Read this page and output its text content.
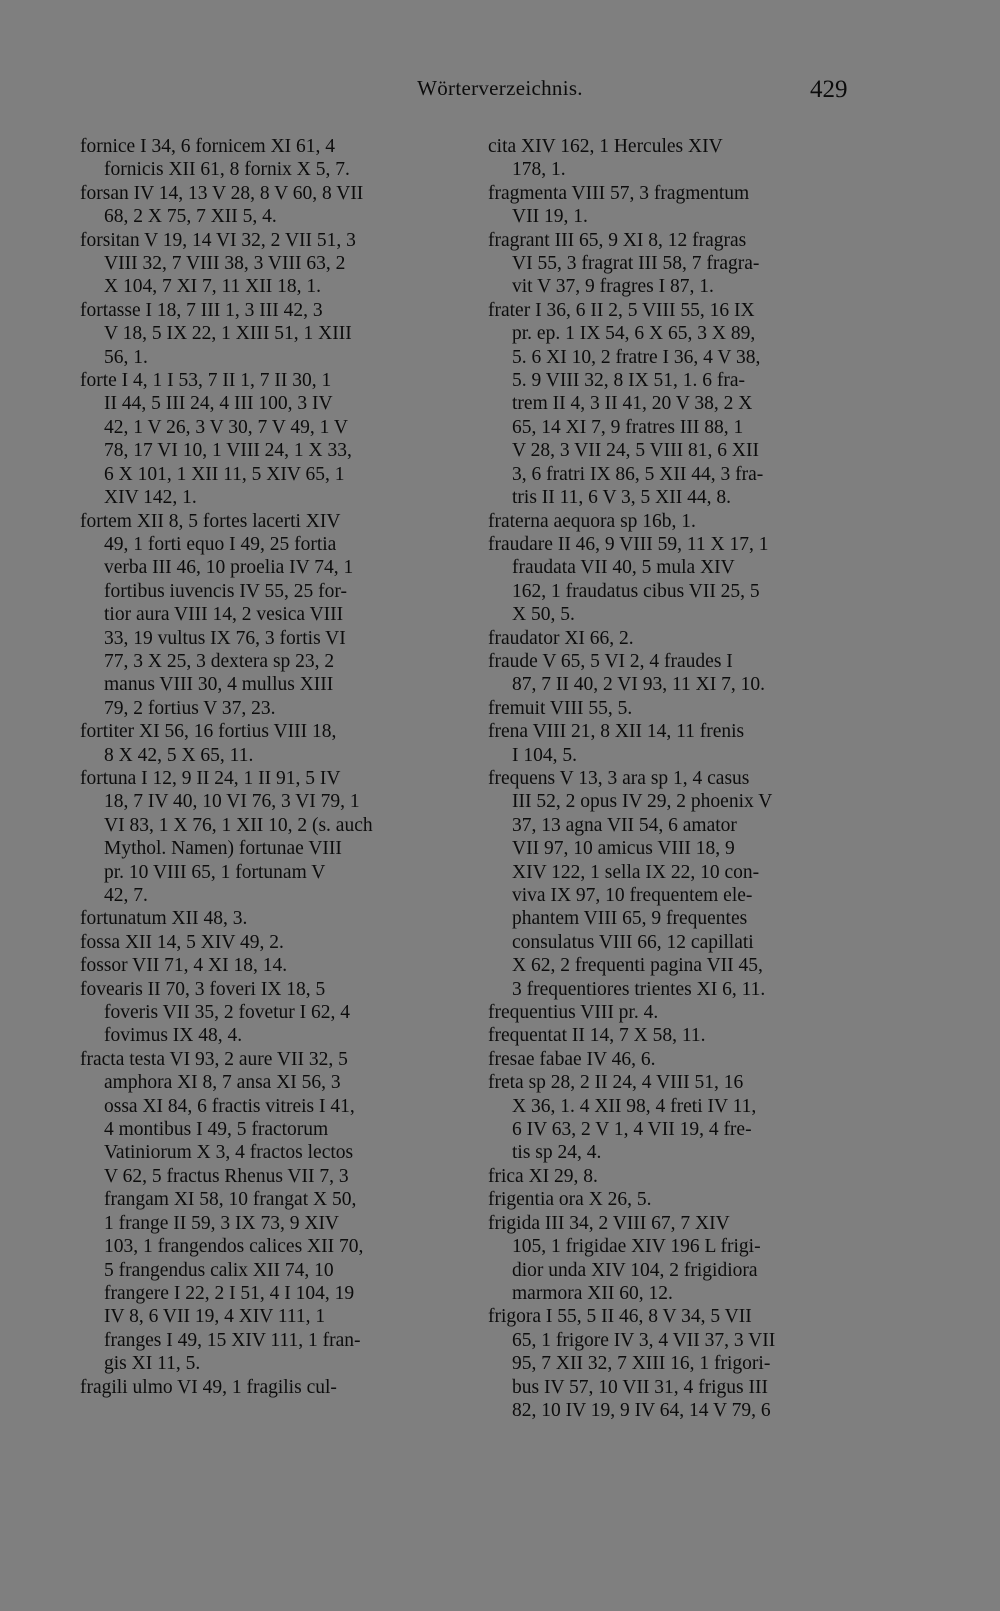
Wörterverzeichnis.	429

fornice I 34, 6 fornicem XI 61, 4
fornicis XII 61, 8 fornix X 5, 7.

forsan IV 14, 13 V 28, 8 V 60, 8 VII
68, 2 X 75, 7 XII 5, 4.

forsitan V 19, 14 VI 32, 2 VII 51, 3
VIII 32, 7 VIII 38, 3 VIII 63, 2
X 104, 7 XI 7, 11 XII 18, 1.

fortasse I 18, 7 III 1, 3 III 42, 3
V 18, 5 IX 22, 1 XIII 51, 1 XIII
56, 1.

forte I 4, 1 I 53, 7 II 1, 7 II 30, 1
II 44, 5 III 24, 4 III 100, 3 IV
42, 1 V 26, 3 V 30, 7 V 49, 1 V
78, 17 VI 10, 1 VIII 24, 1 X 33,
6 X 101, 1 XII 11, 5 XIV 65, 1
XIV 142, 1.

fortem XII 8, 5 fortes lacerti XIV
49, 1 forti equo I 49, 25 fortia
verba III 46, 10 proelia IV 74, 1
fortibus iuvencis IV 55, 25 for-
tior aura VIII 14, 2 vesica VIII
33, 19 vultus IX 76, 3 fortis VI
77, 3 X 25, 3 dextera sp 23, 2
manus VIII 30, 4 mullus XIII
79, 2 fortius V 37, 23.

fortiter XI 56, 16 fortius VIII 18,
8 X 42, 5 X 65, 11.

fortuna I 12, 9 II 24, 1 II 91, 5 IV
18, 7 IV 40, 10 VI 76, 3 VI 79, 1
VI 83, 1 X 76, 1 XII 10, 2 (s. auch
Mythol. Namen) fortunae VIII
pr. 10 VIII 65, 1 fortunam V
42, 7.

fortunatum XII 48, 3.

fossa XII 14, 5 XIV 49, 2.

fossor VII 71, 4 XI 18, 14.

fovearis II 70, 3 foveri IX 18, 5
foveris VII 35, 2 fovetur I 62, 4
fovimus IX 48, 4.

fracta testa VI 93, 2 aure VII 32, 5
amphora XI 8, 7 ansa XI 56, 3
ossa XI 84, 6 fractis vitreis I 41,
4 montibus I 49, 5 fractorum
Vatiniorum X 3, 4 fractos lectos
V 62, 5 fractus Rhenus VII 7, 3
frangam XI 58, 10 frangat X 50,
1 frange II 59, 3 IX 73, 9 XIV
103, 1 frangendos calices XII 70,
5 frangendus calix XII 74, 10
frangere I 22, 2 I 51, 4 I 104, 19
IV 8, 6 VII 19, 4 XIV 111, 1
franges I 49, 15 XIV 111, 1 fran-
gis XI 11, 5.

fragili ulmo VI 49, 1 fragilis cul-

cita XIV 162, 1 Hercules XIV
178, 1.

fragmenta VIII 57, 3 fragmentum
VII 19, 1.

fragrant III 65, 9 XI 8, 12 fragras
VI 55, 3 fragrat III 58, 7 fragra-
vit V 37, 9 fragres I 87, 1.

frater I 36, 6 II 2, 5 VIII 55, 16 IX
pr. ep. 1 IX 54, 6 X 65, 3 X 89,
5. 6 XI 10, 2 fratre I 36, 4 V 38,
5. 9 VIII 32, 8 IX 51, 1. 6 fra-
trem II 4, 3 II 41, 20 V 38, 2 X
65, 14 XI 7, 9 fratres III 88, 1
V 28, 3 VII 24, 5 VIII 81, 6 XII
3, 6 fratri IX 86, 5 XII 44, 3 fra-
tris II 11, 6 V 3, 5 XII 44, 8.

fraterna aequora sp 16b, 1.

fraudare II 46, 9 VIII 59, 11 X 17, 1
fraudata VII 40, 5 mula XIV
162, 1 fraudatus cibus VII 25, 5
X 50, 5.

fraudator XI 66, 2.

fraude V 65, 5 VI 2, 4 fraudes I
87, 7 II 40, 2 VI 93, 11 XI 7, 10.

fremuit VIII 55, 5.

frena VIII 21, 8 XII 14, 11 frenis
I 104, 5.

frequens V 13, 3 ara sp 1, 4 casus
III 52, 2 opus IV 29, 2 phoenix V
37, 13 agna VII 54, 6 amator
VII 97, 10 amicus VIII 18, 9
XIV 122, 1 sella IX 22, 10 con-
viva IX 97, 10 frequentem ele-
phantem VIII 65, 9 frequentes
consulatus VIII 66, 12 capillati
X 62, 2 frequenti pagina VII 45,
3 frequentiores trientes XI 6, 11.

frequentius VIII pr. 4.

frequentat II 14, 7 X 58, 11.

fresae fabae IV 46, 6.

freta sp 28, 2 II 24, 4 VIII 51, 16
X 36, 1. 4 XII 98, 4 freti IV 11,
6 IV 63, 2 V 1, 4 VII 19, 4 fre-
tis sp 24, 4.

frica XI 29, 8.

frigentia ora X 26, 5.

frigida III 34, 2 VIII 67, 7 XIV
105, 1 frigidae XIV 196 L frigi-
dior unda XIV 104, 2 frigidiora
marmora XII 60, 12.

frigora I 55, 5 II 46, 8 V 34, 5 VII
65, 1 frigore IV 3, 4 VII 37, 3 VII
95, 7 XII 32, 7 XIII 16, 1 frigori-
bus IV 57, 10 VII 31, 4 frigus III
82, 10 IV 19, 9 IV 64, 14 V 79, 6
